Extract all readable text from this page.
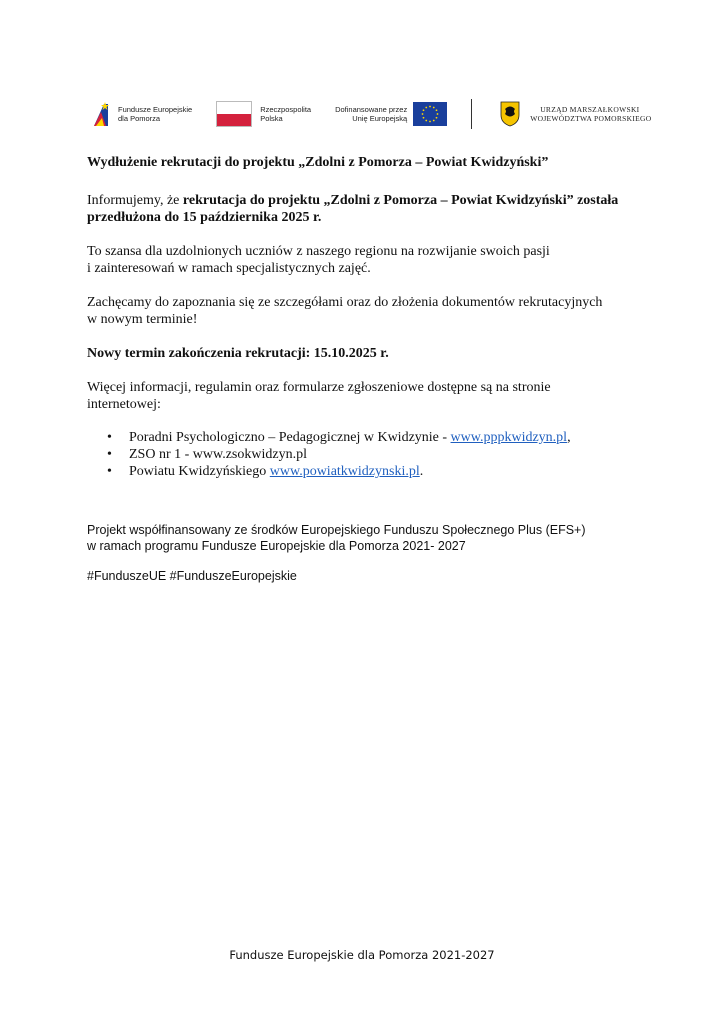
Fundusze Europejskie
dla Pomorza
Rzeczpospolita
Polska
Dofinansowane przez
Unię Europejską
URZĄD MARSZAŁKOWSKI
WOJEWÓDZTWA POMORSKIEGO

Wydłużenie rekrutacji do projektu „Zdolni z Pomorza – Powiat Kwidzyński”

Informujemy, że rekrutacja do projektu „Zdolni z Pomorza – Powiat Kwidzyński” została przedłużona do 15 października 2025 r.

To szansa dla uzdolnionych uczniów z naszego regionu na rozwijanie swoich pasji
i zainteresowań w ramach specjalistycznych zajęć.

Zachęcamy do zapoznania się ze szczegółami oraz do złożenia dokumentów rekrutacyjnych
w nowym terminie!

Nowy termin zakończenia rekrutacji: 15.10.2025 r.

Więcej informacji, regulamin oraz formularze zgłoszeniowe dostępne są na stronie
internetowej:

• Poradni Psychologiczno – Pedagogicznej w Kwidzynie - www.pppkwidzyn.pl,
• ZSO nr 1 - www.zsokwidzyn.pl
• Powiatu Kwidzyńskiego www.powiatkwidzynski.pl.
Projekt współfinansowany ze środków Europejskiego Funduszu Społecznego Plus (EFS+)
w ramach programu Fundusze Europejskie dla Pomorza 2021- 2027
#FunduszeUE #FunduszeEuropejskie
Fundusze Europejskie dla Pomorza 2021-2027
